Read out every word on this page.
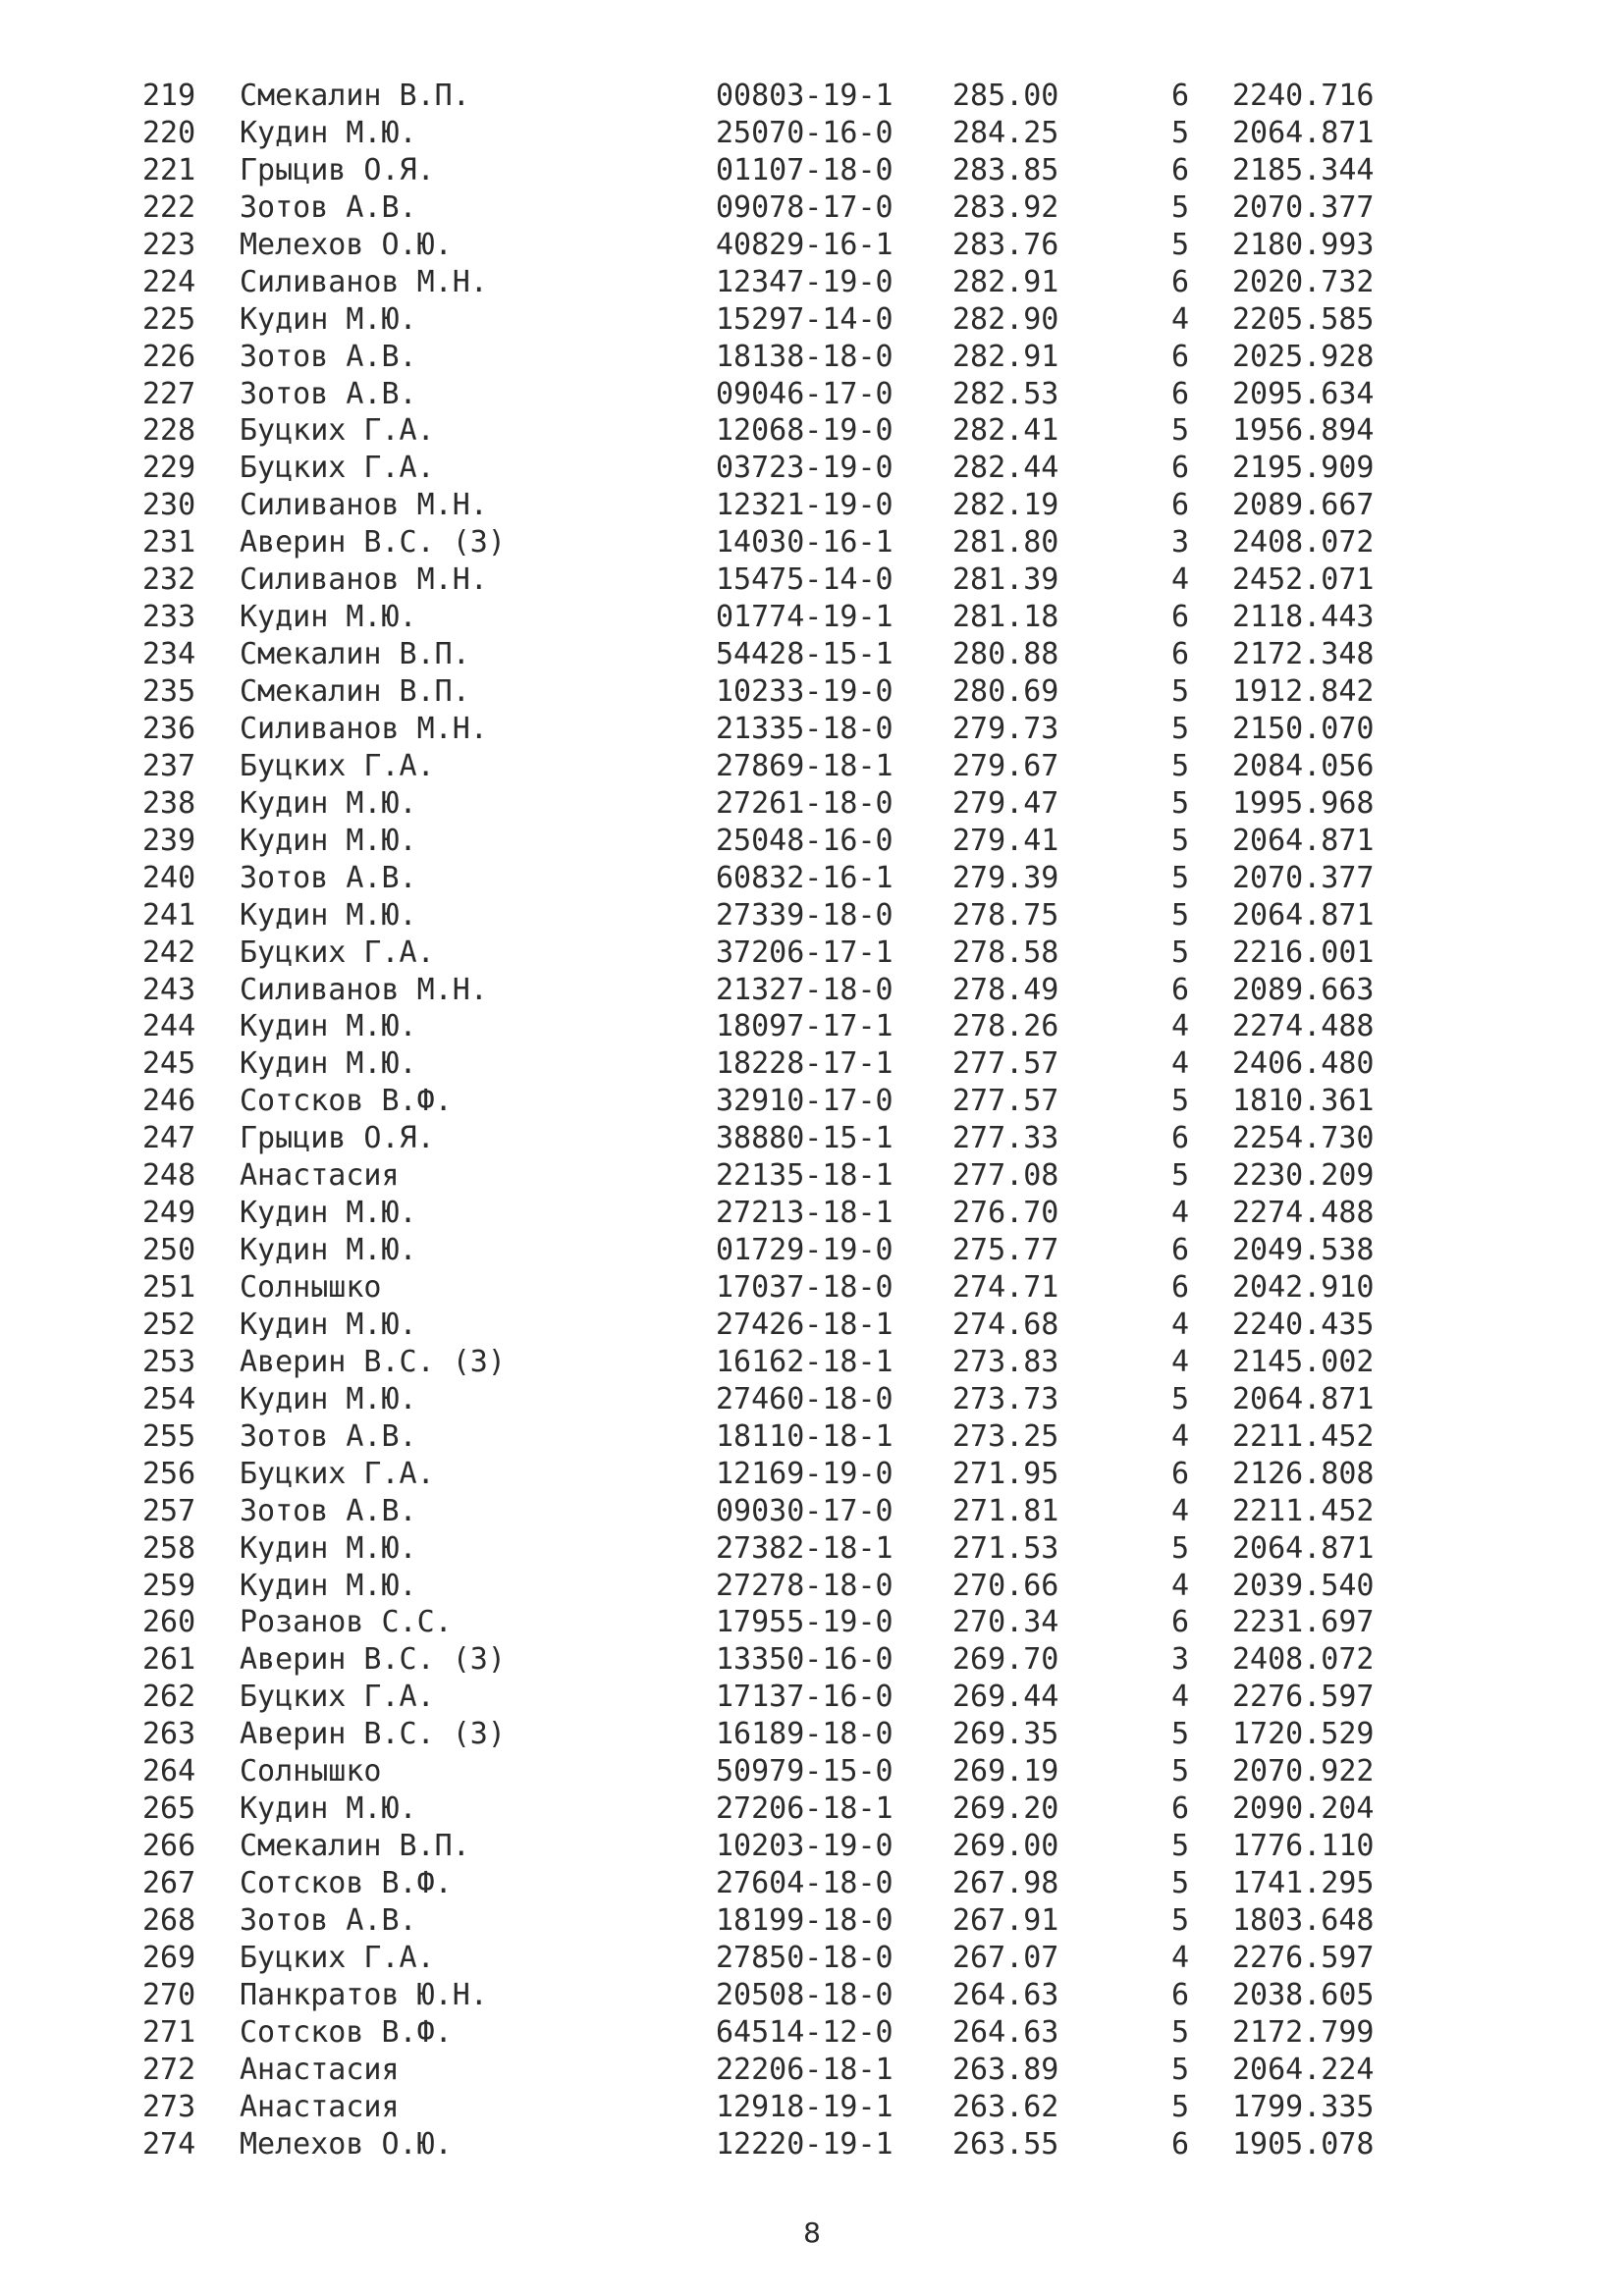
219 Смекалин В.П.	00803-19-1 285.00	6 2240.716
220 Кудин М.Ю.	25070-16-0 284.25	5 2064.871
221 Грыцив О.Я.	01107-18-0 283.85	6 2185.344
222 Зотов А.В.	09078-17-0 283.92	5 2070.377
223 Мелехов О.Ю.	40829-16-1 283.76	5 2180.993
224 Силиванов М.Н.	12347-19-0 282.91	6 2020.732
225 Кудин М.Ю.	15297-14-0 282.90	4 2205.585
226 Зотов А.В.	18138-18-0 282.91	6 2025.928
227 Зотов А.В.	09046-17-0 282.53	6 2095.634
228 Буцких Г.А.	12068-19-0 282.41	5 1956.894
229 Буцких Г.А.	03723-19-0 282.44	6 2195.909
230 Силиванов М.Н.	12321-19-0 282.19	6 2089.667
231 Аверин В.С. (З)	14030-16-1 281.80	3 2408.072
232 Силиванов М.Н.	15475-14-0 281.39	4 2452.071
233 Кудин М.Ю.	01774-19-1 281.18	6 2118.443
234 Смекалин В.П.	54428-15-1 280.88	6 2172.348
235 Смекалин В.П.	10233-19-0 280.69	5 1912.842
236 Силиванов М.Н.	21335-18-0 279.73	5 2150.070
237 Буцких Г.А.	27869-18-1 279.67	5 2084.056
238 Кудин М.Ю.	27261-18-0 279.47	5 1995.968
239 Кудин М.Ю.	25048-16-0 279.41	5 2064.871
240 Зотов А.В.	60832-16-1 279.39	5 2070.377
241 Кудин М.Ю.	27339-18-0 278.75	5 2064.871
242 Буцких Г.А.	37206-17-1 278.58	5 2216.001
243 Силиванов М.Н.	21327-18-0 278.49	6 2089.663
244 Кудин М.Ю.	18097-17-1 278.26	4 2274.488
245 Кудин М.Ю.	18228-17-1 277.57	4 2406.480
246 Сотсков В.Ф.	32910-17-0 277.57	5 1810.361
247 Грыцив О.Я.	38880-15-1 277.33	6 2254.730
248 Анастасия	22135-18-1 277.08	5 2230.209
249 Кудин М.Ю.	27213-18-1 276.70	4 2274.488
250 Кудин М.Ю.	01729-19-0 275.77	6 2049.538
251 Солнышко	17037-18-0 274.71	6 2042.910
252 Кудин М.Ю.	27426-18-1 274.68	4 2240.435
253 Аверин В.С. (З)	16162-18-1 273.83	4 2145.002
254 Кудин М.Ю.	27460-18-0 273.73	5 2064.871
255 Зотов А.В.	18110-18-1 273.25	4 2211.452
256 Буцких Г.А.	12169-19-0 271.95	6 2126.808
257 Зотов А.В.	09030-17-0 271.81	4 2211.452
258 Кудин М.Ю.	27382-18-1 271.53	5 2064.871
259 Кудин М.Ю.	27278-18-0 270.66	4 2039.540
260 Розанов С.С.	17955-19-0 270.34	6 2231.697
261 Аверин В.С. (З)	13350-16-0 269.70	3 2408.072
262 Буцких Г.А.	17137-16-0 269.44	4 2276.597
263 Аверин В.С. (З)	16189-18-0 269.35	5 1720.529
264 Солнышко	50979-15-0 269.19	5 2070.922
265 Кудин М.Ю.	27206-18-1 269.20	6 2090.204
266 Смекалин В.П.	10203-19-0 269.00	5 1776.110
267 Сотсков В.Ф.	27604-18-0 267.98	5 1741.295
268 Зотов А.В.	18199-18-0 267.91	5 1803.648
269 Буцких Г.А.	27850-18-0 267.07	4 2276.597
270 Панкратов Ю.Н.	20508-18-0 264.63	6 2038.605
271 Сотсков В.Ф.	64514-12-0 264.63	5 2172.799
272 Анастасия	22206-18-1 263.89	5 2064.224
273 Анастасия	12918-19-1 263.62	5 1799.335
274 Мелехов О.Ю.	12220-19-1 263.55	6 1905.078
8
